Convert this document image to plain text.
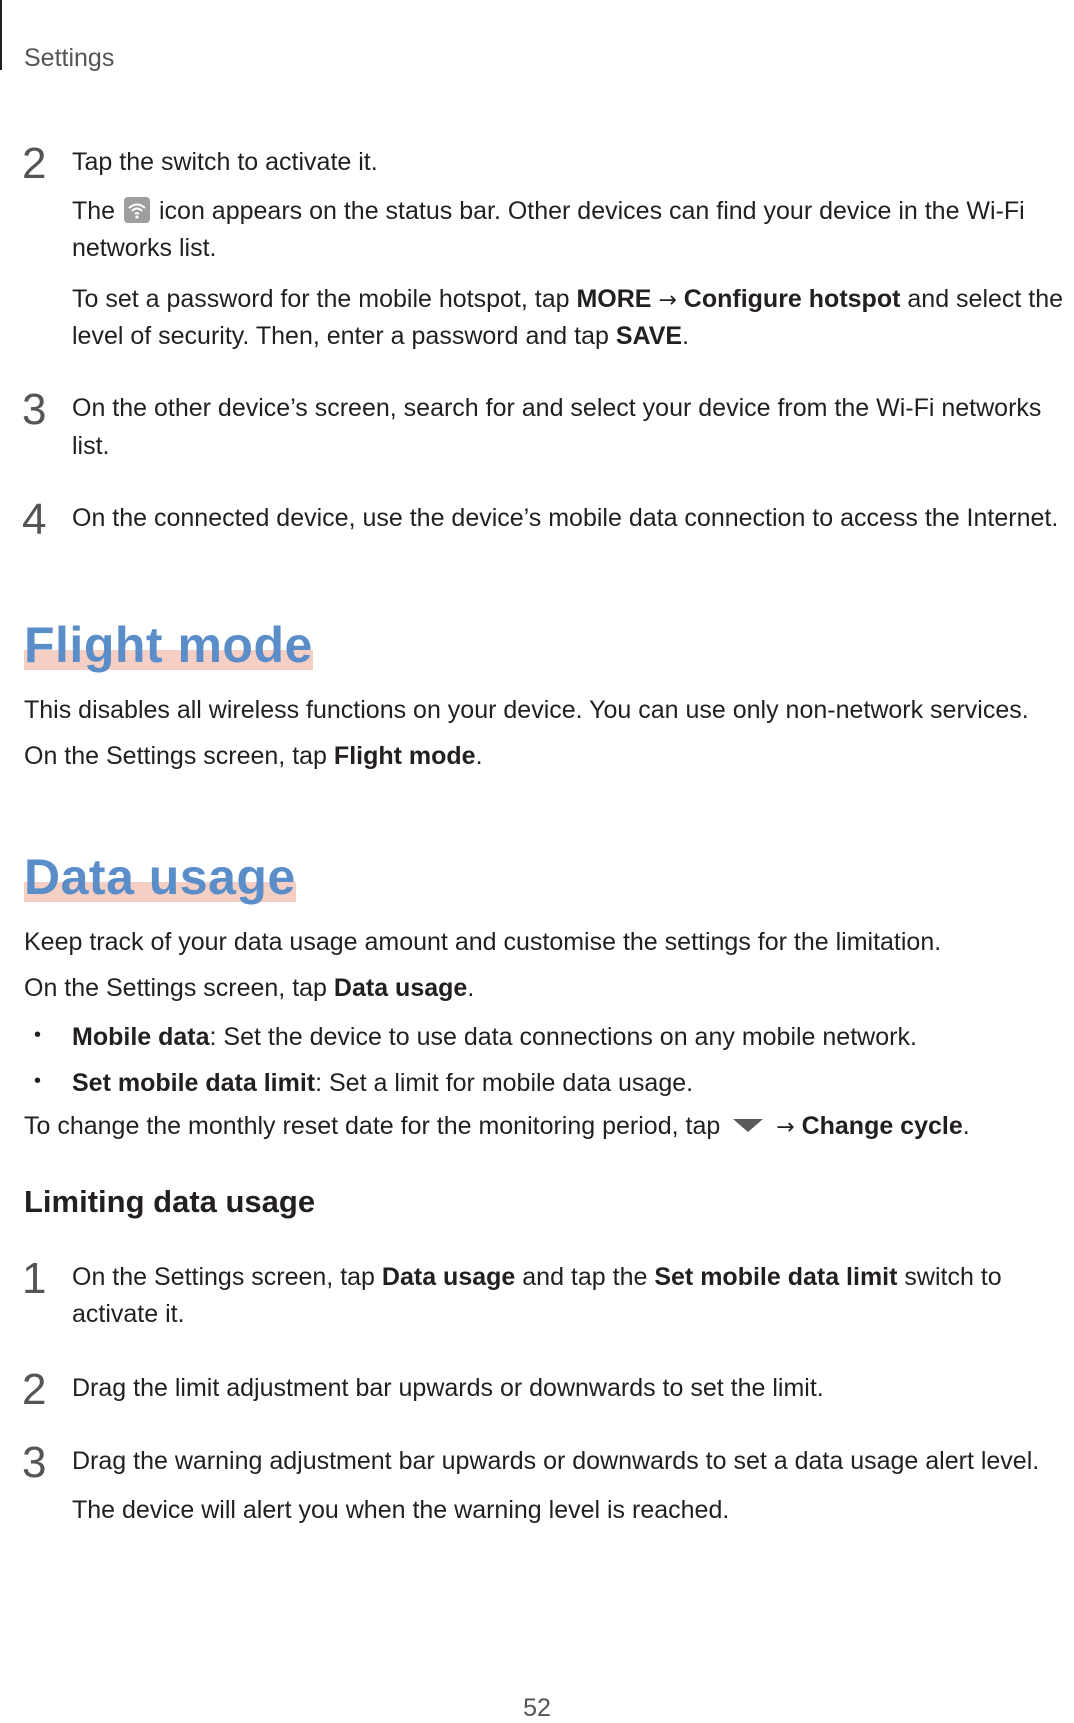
Settings
2 Tap the switch to activate it.
The icon appears on the status bar. Other devices can find your device in the Wi-Fi
networks list.
To set a password for the mobile hotspot, tap MORE → Configure hotspot and select the
level of security. Then, enter a password and tap SAVE.
3 On the other device’s screen, search for and select your device from the Wi-Fi networks
list.
4 On the connected device, use the device’s mobile data connection to access the Internet.
Flight mode
This disables all wireless functions on your device. You can use only non-network services.
On the Settings screen, tap Flight mode.
Data usage
Keep track of your data usage amount and customise the settings for the limitation.
On the Settings screen, tap Data usage.
• Mobile data: Set the device to use data connections on any mobile network.
• Set mobile data limit: Set a limit for mobile data usage.
To change the monthly reset date for the monitoring period, tap	→ Change cycle.
Limiting data usage
1 On the Settings screen, tap Data usage and tap the Set mobile data limit switch to
activate it.
2 Drag the limit adjustment bar upwards or downwards to set the limit.
3 Drag the warning adjustment bar upwards or downwards to set a data usage alert level.
The device will alert you when the warning level is reached.
52
